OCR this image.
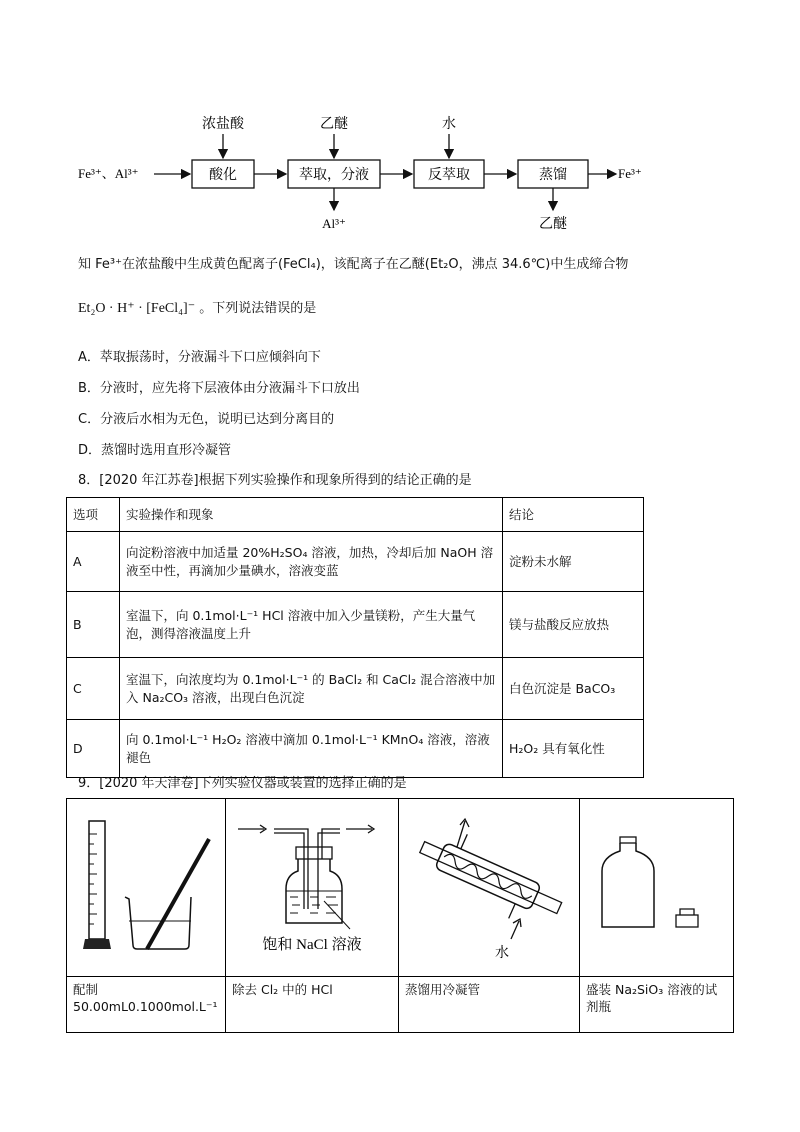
Fe³⁺、Al³⁺	酸化	萃取，分液	反萃取	蒸馏	Fe³⁺
浓盐酸	乙醚	水
Al³⁺	乙醚
知 Fe³⁺在浓盐酸中生成黄色配离子(FeCl₄)，该配离子在乙醚(Et₂O，沸点 34.6℃)中生成缔合物
Et₂O · H⁺ · [FeCl₄]⁻ 。下列说法错误的是
A．萃取振荡时，分液漏斗下口应倾斜向下
B．分液时，应先将下层液体由分液漏斗下口放出
C．分液后水相为无色，说明已达到分离目的
D．蒸馏时选用直形冷凝管
8．[2020 年江苏卷]根据下列实验操作和现象所得到的结论正确的是
选项	实验操作和现象	结论
A	向淀粉溶液中加适量 20%H₂SO₄ 溶液，加热，冷却后加 NaOH 溶液至中性，再滴加少量碘水，溶液变蓝	淀粉未水解
B	室温下，向 0.1mol·L⁻¹ HCl 溶液中加入少量镁粉，产生大量气泡，测得溶液温度上升	镁与盐酸反应放热
C	室温下，向浓度均为 0.1mol·L⁻¹ 的 BaCl₂ 和 CaCl₂ 混合溶液中加入 Na₂CO₃ 溶液，出现白色沉淀	白色沉淀是 BaCO₃
D	向 0.1mol·L⁻¹ H₂O₂ 溶液中滴加 0.1mol·L⁻¹ KMnO₄ 溶液，溶液褪色	H₂O₂ 具有氧化性
9．[2020 年天津卷]下列实验仪器或装置的选择正确的是

饱和 NaCl 溶液	水

配制 50.00mL0.1000mol.L⁻¹	除去 Cl₂ 中的 HCl	蒸馏用冷凝管	盛装 Na₂SiO₃ 溶液的试剂瓶
